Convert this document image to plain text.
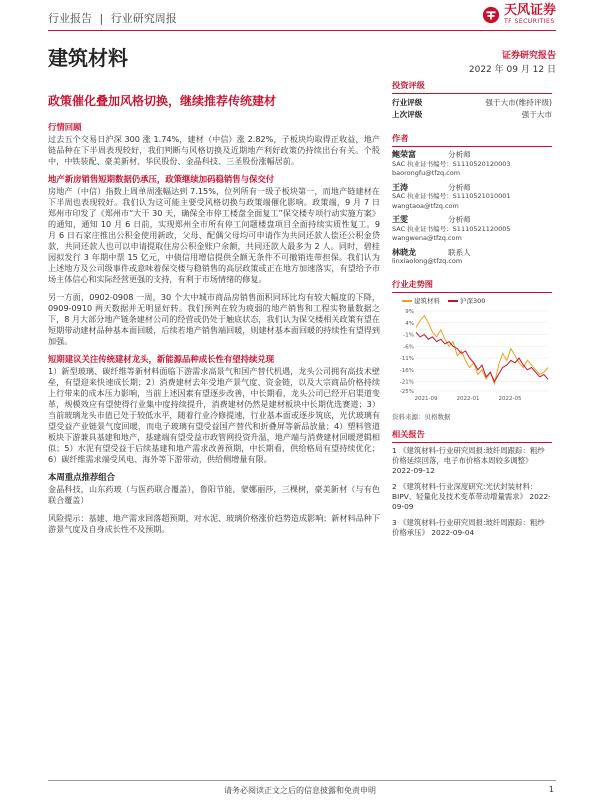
行业报告 | 行业研究周报
天风证券
TF SECURITIES
建筑材料	证券研究报告
2022 年 09 月 12 日
政策催化叠加风格切换，继续推荐传统建材
行情回顾
过去五个交易日沪深 300 涨 1.74%，建材（中信）涨 2.82%，子板块均取得正收益，地产链品种在下半周表现较好，我们判断与风格切换及近期地产利好政策仍持续出台有关。个股中，中铁装配、豪美新材、华民股份、金晶科技、三圣股份涨幅居前。
地产新房销售短期数据仍承压，政策继续加码稳销售与保交付
房地产（中信）指数上周单周涨幅达到 7.15%，位列所有一级子板块第一，而地产链建材在下半周也表现较好。我们认为这可能主要受风格切换与政策端催化影响。政策端，9 月 7 日郑州市印发了《郑州市“大干 30 天，确保全市停工楼盘全面复工”保交楼专项行动实施方案》的通知，通知 10 月 6 日前，实现郑州全市所有停工问题楼盘项目全面持续实质性复工。9 月 6 日石家庄推出公积金使用新政，父母、配偶父母均可申请作为共同还款人偿还公积金贷款，共同还款人也可以申请提取住房公积金账户余额，共同还款人最多为 2 人。同时，碧桂园拟发行 3 年期中票 15 亿元，中债信用增信提供全额无条件不可撤销连带担保。我们认为上述地方及公司级事件或意味着保交楼与稳销售的高层政策或正在地方加速落实，有望给予市场主体信心和实际经营更强的支持，有利于市场情绪的修复。
另一方面，0902-0908 一周，30 个大中城市商品房销售面积同环比均有较大幅度的下降，0909-0910 两天数据并无明显好转。我们预判在较为疲弱的地产销售和工程实物量数据之下，8 月大部分地产链条建材公司的经营或仍处于触底状态，我们认为保交楼相关政策有望在短期带动建材品种基本面回暖，后续若地产销售端回暖，则建材基本面回暖的持续性有望得到加强。
短期建议关注传统建材龙头，新能源品种成长性有望持续兑现
1）新型玻璃、碳纤维等新材料面临下游需求高景气和国产替代机遇，龙头公司拥有高技术壁垒，有望迎来快速成长期；2）消费建材去年受地产景气度、资金链，以及大宗商品价格持续上行带来的成本压力影响，当前上述因素有望逐步改善，中长期看，龙头公司已经开启渠道变革，规模效应有望使得行业集中度持续提升，消费建材仍然是建材板块中长期优选赛道；3）当前玻璃龙头市值已处于较低水平，随着行业冷修提速，行业基本面或逐步筑底，光伏玻璃有望受益产业链景气度回暖，而电子玻璃有望受益国产替代和折叠屏等新品放量；4）塑料管道板块下游兼具基建和地产，基建端有望受益市政管网投资升温，地产端与消费建材回暖逻辑相似；5）水泥有望受益于后续基建和地产需求改善预期，中长期看，供给格局有望持续优化；6）碳纤维需求端受风电、海外等下游带动，供给侧增量有限。
本周重点推荐组合
金晶科技，山东药玻（与医药联合覆盖），鲁阳节能，蒙娜丽莎，三棵树，豪美新材（与有色联合覆盖）
风险提示：基建、地产需求回落超预期，对水泥、玻璃价格涨价趋势造成影响；新材料品种下游景气度及自身成长性不及预期。
投资评级
行业评级	强于大市(维持评级)
上次评级	强于大市
作者
鲍荣富	分析师
SAC 执业证书编号：S1110520120003
baorongfu@tfzq.com
王涛	分析师
SAC 执业证书编号：S1110521010001
wangtaoa@tfzq.com
王雯	分析师
SAC 执业证书编号：S1110521120005
wangwena@tfzq.com
林晓龙	联系人
linxiaolong@tfzq.com
行业走势图
建筑材料	沪深300
9%
4%
-1%
-6%
-11%
-16%
-21%
-25%
2021-09	2022-01	2022-05
资料来源：贝格数据
相关报告
1 《建筑材料-行业研究周报:玻纤周跟踪：粗纱价格延续回落，电子布价格本周较多调整》 2022-09-12
2 《建筑材料-行业深度研究:光伏封装材料：BIPV、轻量化及技术变革带动增量需求》 2022-09-09
3 《建筑材料-行业研究周报:玻纤周跟踪：粗纱价格承压》 2022-09-04
请务必阅读正文之后的信息披露和免责申明	1
